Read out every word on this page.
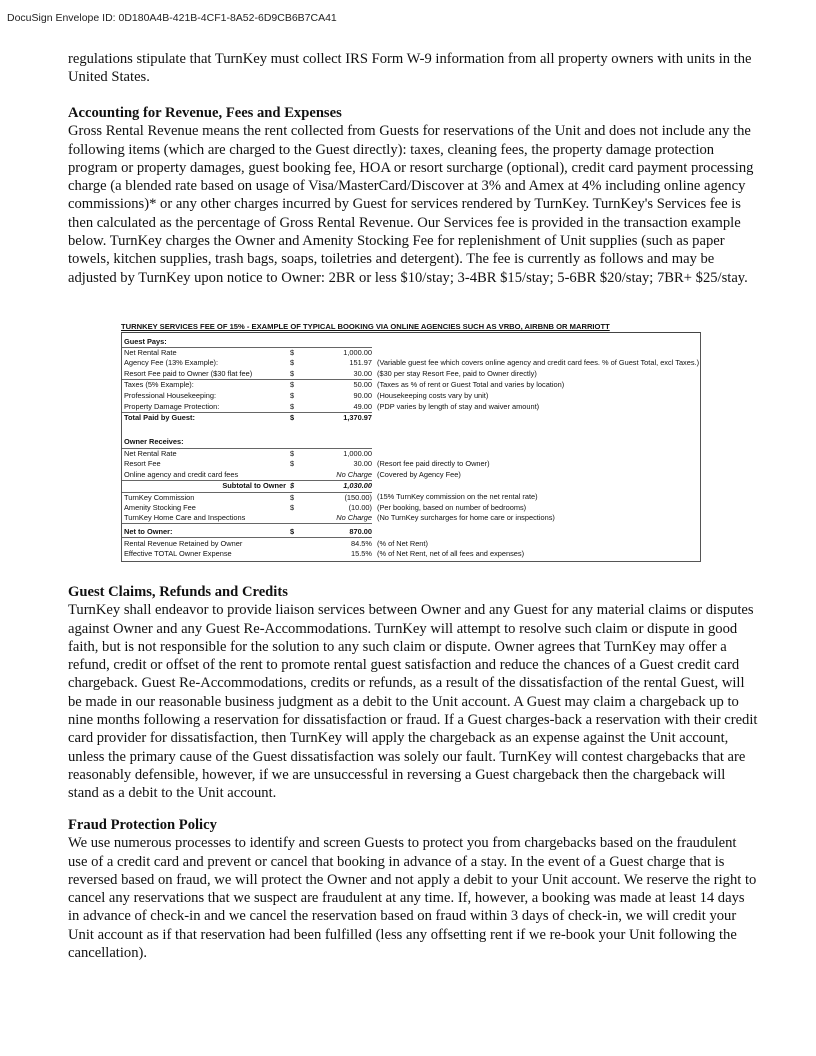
DocuSign Envelope ID: 0D180A4B-421B-4CF1-8A52-6D9CB6B7CA41

regulations stipulate that TurnKey must collect IRS Form W-9 information from all property owners with units in the United States.

Accounting for Revenue, Fees and Expenses

Gross Rental Revenue means the rent collected from Guests for reservations of the Unit and does not include any the following items (which are charged to the Guest directly): taxes, cleaning fees, the property damage protection program or property damages, guest booking fee, HOA or resort surcharge (optional), credit card payment processing charge (a blended rate based on usage of Visa/MasterCard/Discover at 3% and Amex at 4% including online agency commissions)* or any other charges incurred by Guest for services rendered by TurnKey. TurnKey's Services fee is then calculated as the percentage of Gross Rental Revenue. Our Services fee is provided in the transaction example below. TurnKey charges the Owner and Amenity Stocking Fee for replenishment of Unit supplies (such as paper towels, kitchen supplies, trash bags, soaps, toiletries and detergent). The fee is currently as follows and may be adjusted by TurnKey upon notice to Owner: 2BR or less $10/stay; 3-4BR $15/stay; 5-6BR $20/stay; 7BR+ $25/stay.

TURNKEY SERVICES FEE OF 15% - EXAMPLE OF TYPICAL BOOKING VIA ONLINE AGENCIES SUCH AS VRBO, AIRBNB OR MARRIOTT
Guest Pays:
Net Rental Rate	$	1,000.00
Agency Fee (13% Example):	$	151.97 (Variable guest fee which covers online agency and credit card fees. % of Guest Total, excl Taxes.)
Resort Fee paid to Owner ($30 flat fee)	$	30.00 ($30 per stay Resort Fee, paid to Owner directly)
Taxes (5% Example):	$	50.00 (Taxes as % of rent or Guest Total and varies by location)
Professional Housekeeping:	$	90.00 (Housekeeping costs vary by unit)
Property Damage Protection:	$	49.00 (PDP varies by length of stay and waiver amount)
Total Paid by Guest:	$	1,370.97
Owner Receives:
Net Rental Rate	$	1,000.00
Resort Fee	$	30.00 (Resort fee paid directly to Owner)
Online agency and credit card fees	No Charge (Covered by Agency Fee)
Subtotal to Owner $	1,030.00
TurnKey Commission	$	(150.00) (15% TurnKey commission on the net rental rate)
Amenity Stocking Fee	$	(10.00) (Per booking, based on number of bedrooms)
TurnKey Home Care and Inspections	No Charge (No TurnKey surcharges for home care or inspections)
Net to Owner:	$	870.00
Rental Revenue Retained by Owner	84.5% (% of Net Rent)
Effective TOTAL Owner Expense	15.5% (% of Net Rent, net of all fees and expenses)

Guest Claims, Refunds and Credits

TurnKey shall endeavor to provide liaison services between Owner and any Guest for any material claims or disputes against Owner and any Guest Re-Accommodations. TurnKey will attempt to resolve such claim or dispute in good faith, but is not responsible for the solution to any such claim or dispute. Owner agrees that TurnKey may offer a refund, credit or offset of the rent to promote rental guest satisfaction and reduce the chances of a Guest credit card chargeback. Guest Re-Accommodations, credits or refunds, as a result of the dissatisfaction of the rental Guest, will be made in our reasonable business judgment as a debit to the Unit account. A Guest may claim a chargeback up to nine months following a reservation for dissatisfaction or fraud. If a Guest charges-back a reservation with their credit card provider for dissatisfaction, then TurnKey will apply the chargeback as an expense against the Unit account, unless the primary cause of the Guest dissatisfaction was solely our fault. TurnKey will contest chargebacks that are reasonably defensible, however, if we are unsuccessful in reversing a Guest chargeback then the chargeback will stand as a debit to the Unit account.

Fraud Protection Policy

We use numerous processes to identify and screen Guests to protect you from chargebacks based on the fraudulent use of a credit card and prevent or cancel that booking in advance of a stay. In the event of a Guest charge that is reversed based on fraud, we will protect the Owner and not apply a debit to your Unit account. We reserve the right to cancel any reservations that we suspect are fraudulent at any time. If, however, a booking was made at least 14 days in advance of check-in and we cancel the reservation based on fraud within 3 days of check-in, we will credit your Unit account as if that reservation had been fulfilled (less any offsetting rent if we re-book your Unit following the cancellation).
